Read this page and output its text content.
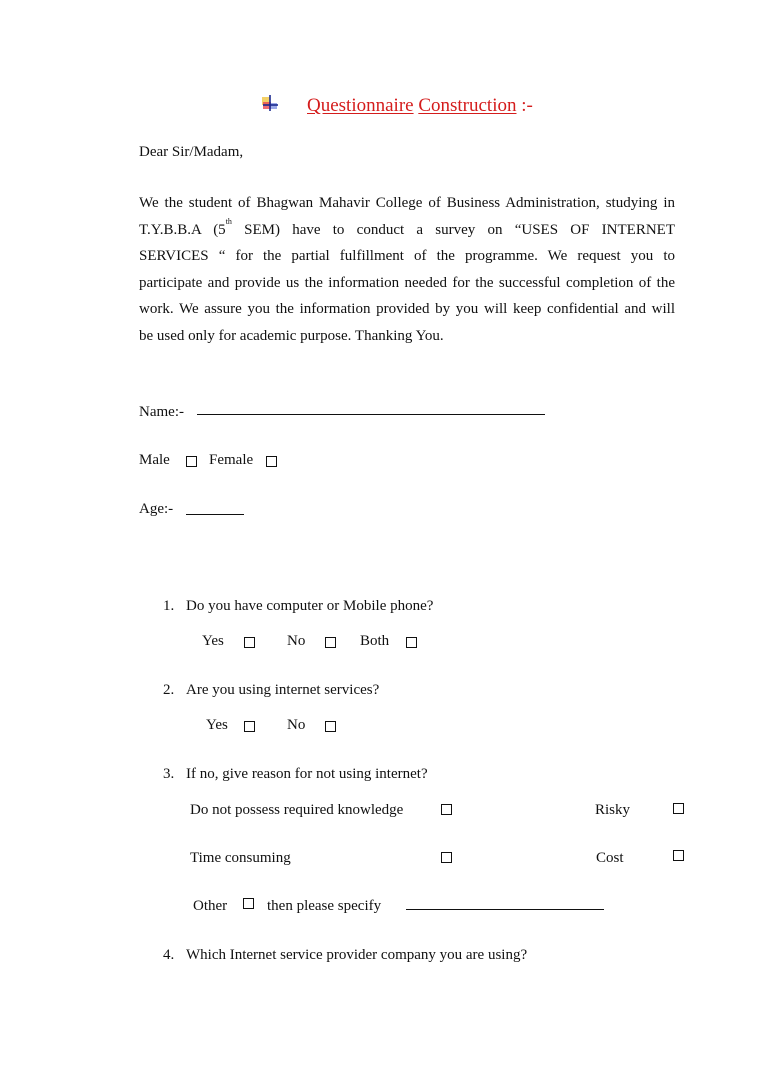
Questionnaire Construction :-
Dear Sir/Madam,
We the student of Bhagwan Mahavir College of Business Administration, studying in
T.Y.B.B.A (5th SEM) have to conduct a survey on “USES OF INTERNET
SERVICES “ for the partial fulfillment of the programme. We request you to
participate and provide us the information needed for the successful completion of the
work. We assure you the information provided by you will keep confidential and will
be used only for academic purpose. Thanking You.
Name:-
Male	Female
Age:-
1. Do you have computer or Mobile phone?
Yes	No	Both
2. Are you using internet services?
Yes	No
3. If no, give reason for not using internet?
Do not possess required knowledge	Risky
Time consuming	Cost
Other	then please specify
4. Which Internet service provider company you are using?
